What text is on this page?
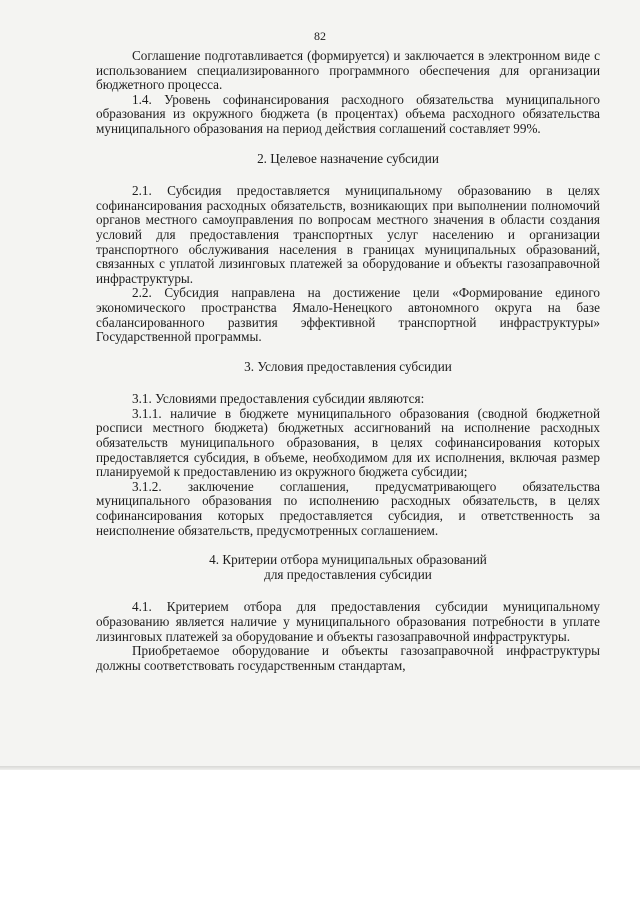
82

Соглашение подготавливается (формируется) и заключается в электронном виде с использованием специализированного программного обеспечения для организации бюджетного процесса.

1.4. Уровень софинансирования расходного обязательства муниципального образования из окружного бюджета (в процентах) объема расходного обязательства муниципального образования на период действия соглашений составляет 99%.

2. Целевое назначение субсидии

2.1. Субсидия предоставляется муниципальному образованию в целях софинансирования расходных обязательств, возникающих при выполнении полномочий органов местного самоуправления по вопросам местного значения в области создания условий для предоставления транспортных услуг населению и организации транспортного обслуживания населения в границах муниципальных образований, связанных с уплатой лизинговых платежей за оборудование и объекты газозаправочной инфраструктуры.

2.2. Субсидия направлена на достижение цели «Формирование единого экономического пространства Ямало-Ненецкого автономного округа на базе сбалансированного развития эффективной транспортной инфраструктуры» Государственной программы.

3. Условия предоставления субсидии

3.1. Условиями предоставления субсидии являются:

3.1.1. наличие в бюджете муниципального образования (сводной бюджетной росписи местного бюджета) бюджетных ассигнований на исполнение расходных обязательств муниципального образования, в целях софинансирования которых предоставляется субсидия, в объеме, необходимом для их исполнения, включая размер планируемой к предоставлению из окружного бюджета субсидии;

3.1.2. заключение соглашения, предусматривающего обязательства муниципального образования по исполнению расходных обязательств, в целях софинансирования которых предоставляется субсидия, и ответственность за неисполнение обязательств, предусмотренных соглашением.

4. Критерии отбора муниципальных образований
для предоставления субсидии

4.1. Критерием отбора для предоставления субсидии муниципальному образованию является наличие у муниципального образования потребности в уплате лизинговых платежей за оборудование и объекты газозаправочной инфраструктуры.

Приобретаемое оборудование и объекты газозаправочной инфраструктуры должны соответствовать государственным стандартам,
